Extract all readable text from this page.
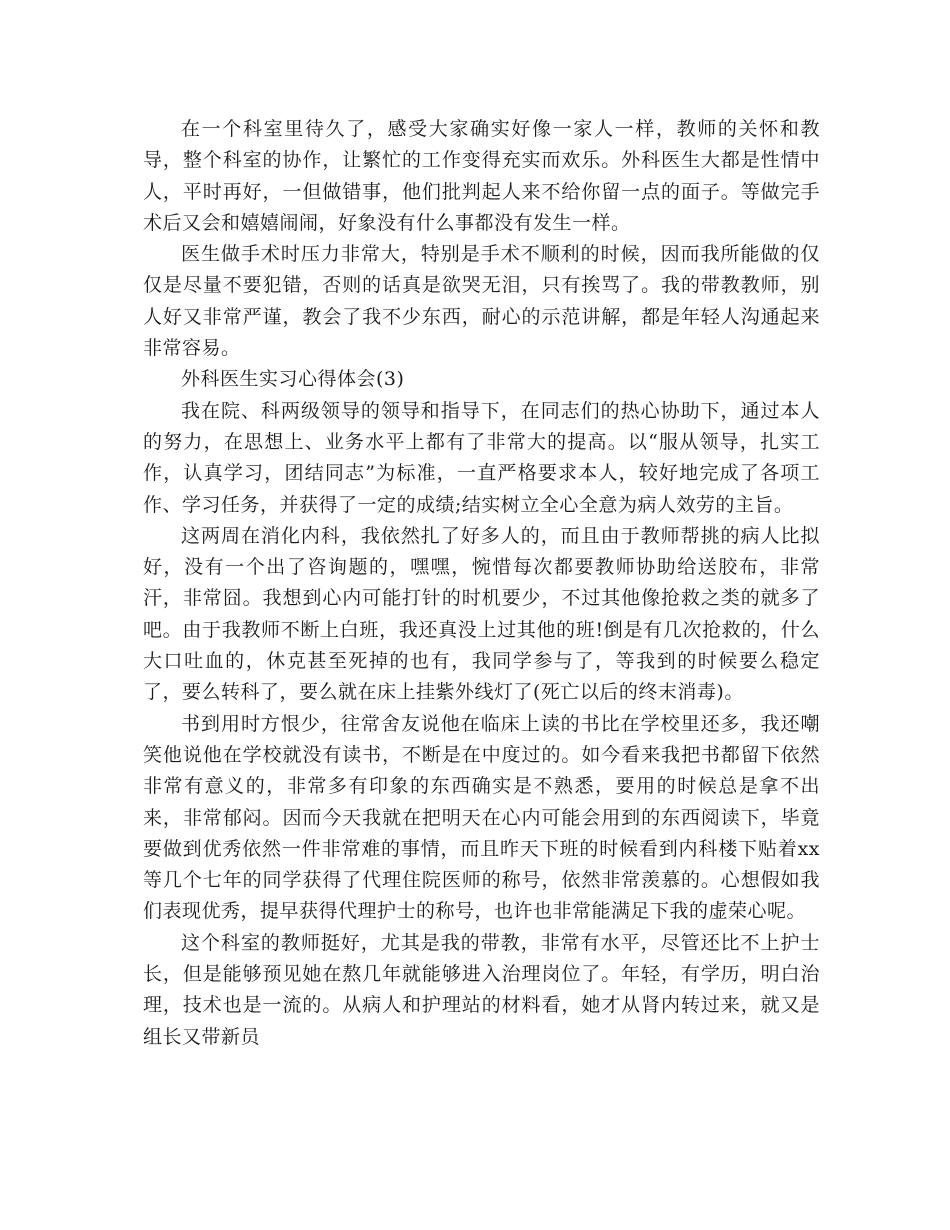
在一个科室里待久了，感受大家确实好像一家人一样，教师的关怀和教导，整个科室的协作，让繁忙的工作变得充实而欢乐。外科医生大都是性情中人，平时再好，一但做错事，他们批判起人来不给你留一点的面子。等做完手术后又会和嬉嬉闹闹，好象没有什么事都没有发生一样。

医生做手术时压力非常大，特别是手术不顺利的时候，因而我所能做的仅仅是尽量不要犯错，否则的话真是欲哭无泪，只有挨骂了。我的带教教师，别人好又非常严谨，教会了我不少东西，耐心的示范讲解，都是年轻人沟通起来非常容易。

外科医生实习心得体会(3)

我在院、科两级领导的领导和指导下，在同志们的热心协助下，通过本人的努力，在思想上、业务水平上都有了非常大的提高。以“服从领导，扎实工作，认真学习，团结同志”为标准，一直严格要求本人，较好地完成了各项工作、学习任务，并获得了一定的成绩;结实树立全心全意为病人效劳的主旨。

这两周在消化内科，我依然扎了好多人的，而且由于教师帮挑的病人比拟好，没有一个出了咨询题的，嘿嘿，惋惜每次都要教师协助给送胶布，非常汗，非常囧。我想到心内可能打针的时机要少，不过其他像抢救之类的就多了吧。由于我教师不断上白班，我还真没上过其他的班!倒是有几次抢救的，什么大口吐血的，休克甚至死掉的也有，我同学参与了，等我到的时候要么稳定了，要么转科了，要么就在床上挂紫外线灯了(死亡以后的终末消毒)。

书到用时方恨少，往常舍友说他在临床上读的书比在学校里还多，我还嘲笑他说他在学校就没有读书，不断是在中度过的。如今看来我把书都留下依然非常有意义的，非常多有印象的东西确实是不熟悉，要用的时候总是拿不出来，非常郁闷。因而今天我就在把明天在心内可能会用到的东西阅读下，毕竟要做到优秀依然一件非常难的事情，而且昨天下班的时候看到内科楼下贴着xx等几个七年的同学获得了代理住院医师的称号，依然非常羡慕的。心想假如我们表现优秀，提早获得代理护士的称号，也许也非常能满足下我的虚荣心呢。

这个科室的教师挺好，尤其是我的带教，非常有水平，尽管还比不上护士长，但是能够预见她在熬几年就能够进入治理岗位了。年轻，有学历，明白治理，技术也是一流的。从病人和护理站的材料看，她才从肾内转过来，就又是组长又带新员
